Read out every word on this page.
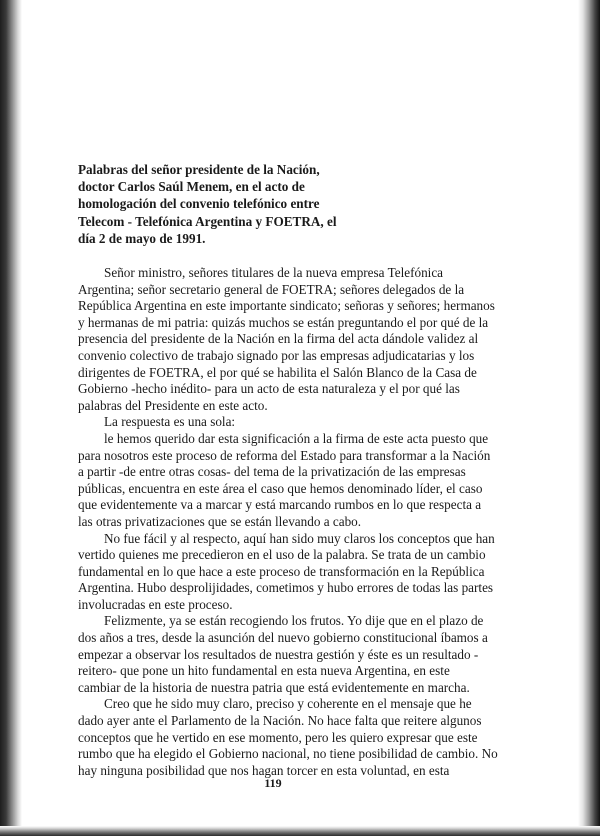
Palabras del señor presidente de la Nación,
doctor Carlos Saúl Menem, en el acto de
homologación del convenio telefónico entre
Telecom - Telefónica Argentina y FOETRA, el
día 2 de mayo de 1991.
Señor ministro, señores titulares de la nueva empresa Telefónica
Argentina; señor secretario general de FOETRA; señores delegados de la
República Argentina en este importante sindicato; señoras y señores; hermanos
y hermanas de mi patria: quizás muchos se están preguntando el por qué de la
presencia del presidente de la Nación en la firma del acta dándole validez al
convenio colectivo de trabajo signado por las empresas adjudicatarias y los
dirigentes de FOETRA, el por qué se habilita el Salón Blanco de la Casa de
Gobierno -hecho inédito- para un acto de esta naturaleza y el por qué las
palabras del Presidente en este acto.
La respuesta es una sola:
le hemos querido dar esta significación a la firma de este acta puesto que
para nosotros este proceso de reforma del Estado para transformar a la Nación
a partir -de entre otras cosas- del tema de la privatización de las empresas
públicas, encuentra en este área el caso que hemos denominado líder, el caso
que evidentemente va a marcar y está marcando rumbos en lo que respecta a
las otras privatizaciones que se están llevando a cabo.
No fue fácil y al respecto, aquí han sido muy claros los conceptos que han
vertido quienes me precedieron en el uso de la palabra. Se trata de un cambio
fundamental en lo que hace a este proceso de transformación en la República
Argentina. Hubo desprolijidades, cometimos y hubo errores de todas las partes
involucradas en este proceso.
Felizmente, ya se están recogiendo los frutos. Yo dije que en el plazo de
dos años a tres, desde la asunción del nuevo gobierno constitucional íbamos a
empezar a observar los resultados de nuestra gestión y éste es un resultado -
reitero- que pone un hito fundamental en esta nueva Argentina, en este
cambiar de la historia de nuestra patria que está evidentemente en marcha.
Creo que he sido muy claro, preciso y coherente en el mensaje que he
dado ayer ante el Parlamento de la Nación. No hace falta que reitere algunos
conceptos que he vertido en ese momento, pero les quiero expresar que este
rumbo que ha elegido el Gobierno nacional, no tiene posibilidad de cambio. No
hay ninguna posibilidad que nos hagan torcer en esta voluntad, en esta
119
